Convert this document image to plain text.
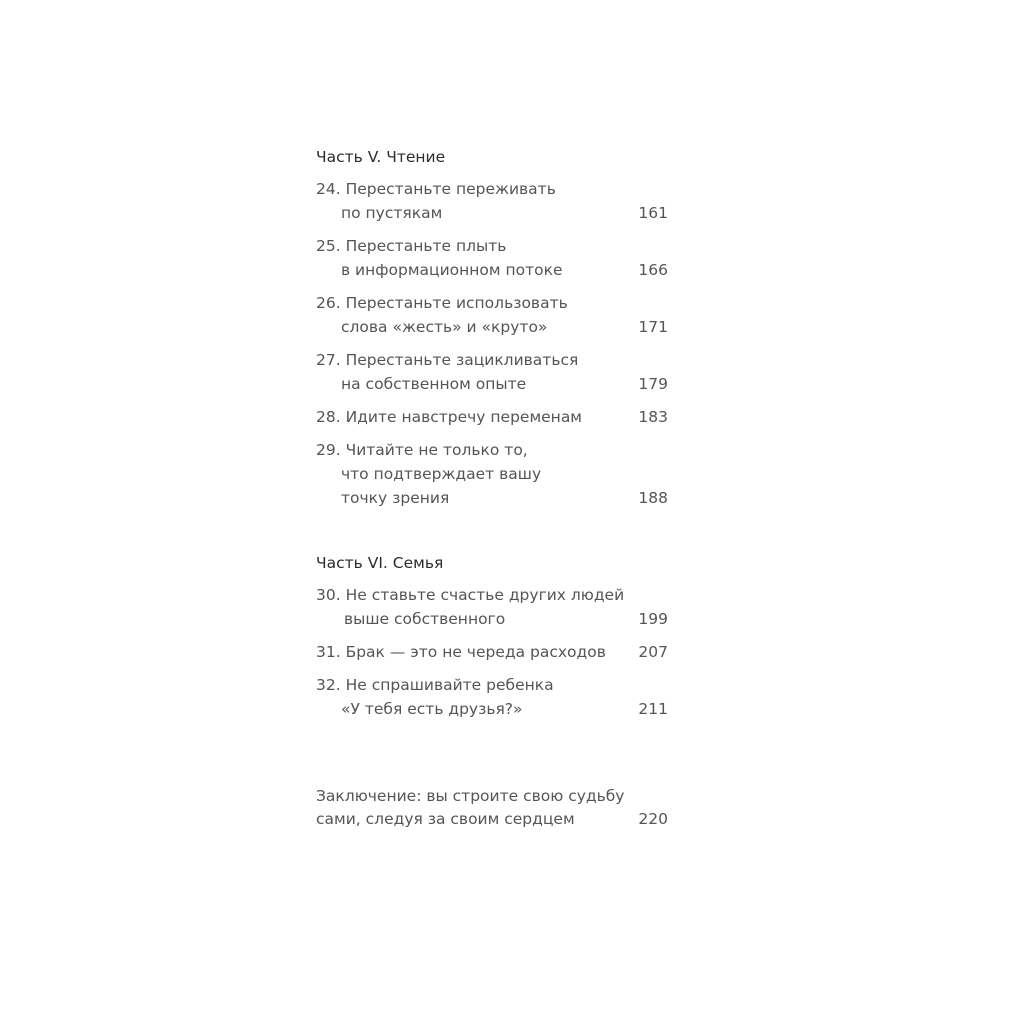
Часть V. Чтение
24. Перестаньте переживать
по пустякам	161
25. Перестаньте плыть
в информационном потоке	166
26. Перестаньте использовать
слова «жесть» и «круто»	171
27. Перестаньте зацикливаться
на собственном опыте	179
28. Идите навстречу переменам	183
29. Читайте не только то,
что подтверждает вашу
точку зрения	188
Часть VI. Семья
30. Не ставьте счастье других людей
выше собственного	199
31. Брак — это не череда расходов 207
32. Не спрашивайте ребенка
«У тебя есть друзья?»	211
Заключение: вы строите свою судьбу
сами, следуя за своим сердцем	220
